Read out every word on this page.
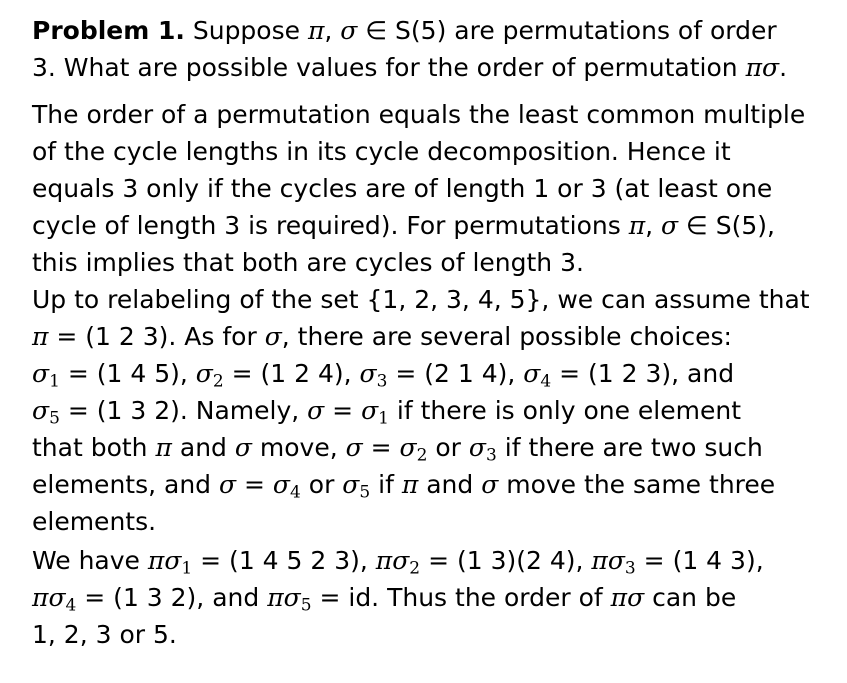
Problem 1. Suppose π, σ ∈ S(5) are permutations of order
3. What are possible values for the order of permutation πσ.

The order of a permutation equals the least common multiple
of the cycle lengths in its cycle decomposition. Hence it
equals 3 only if the cycles are of length 1 or 3 (at least one
cycle of length 3 is required). For permutations π, σ ∈ S(5),
this implies that both are cycles of length 3.

Up to relabeling of the set {1, 2, 3, 4, 5}, we can assume that
π = (1 2 3). As for σ, there are several possible choices:
$\sigma_1 = (1$ 4 5), $\sigma_2 = (1$ 2 4), $\sigma_3 = (2$ 1 4), $\sigma_4 = (1$ 2 3), and
$\sigma_5 = (1$ 3 2). Namely, $\sigma = \sigma_1$ if there is only one element
that both π and σ move, $\sigma = \sigma_2$ or $\sigma_3$ if there are two such
elements, and $\sigma = \sigma_4$ or $\sigma_5$ if π and σ move the same three
elements.

We have $\pi\sigma_1 = (1$ 4 5 2 3), $\pi\sigma_2 = (1$ 3)(2 4), $\pi\sigma_3 = (1$ 4 3),
$\pi\sigma_4 = (1$ 3 2), and $\pi\sigma_5$ = id. Thus the order of πσ can be
1, 2, 3 or 5.
